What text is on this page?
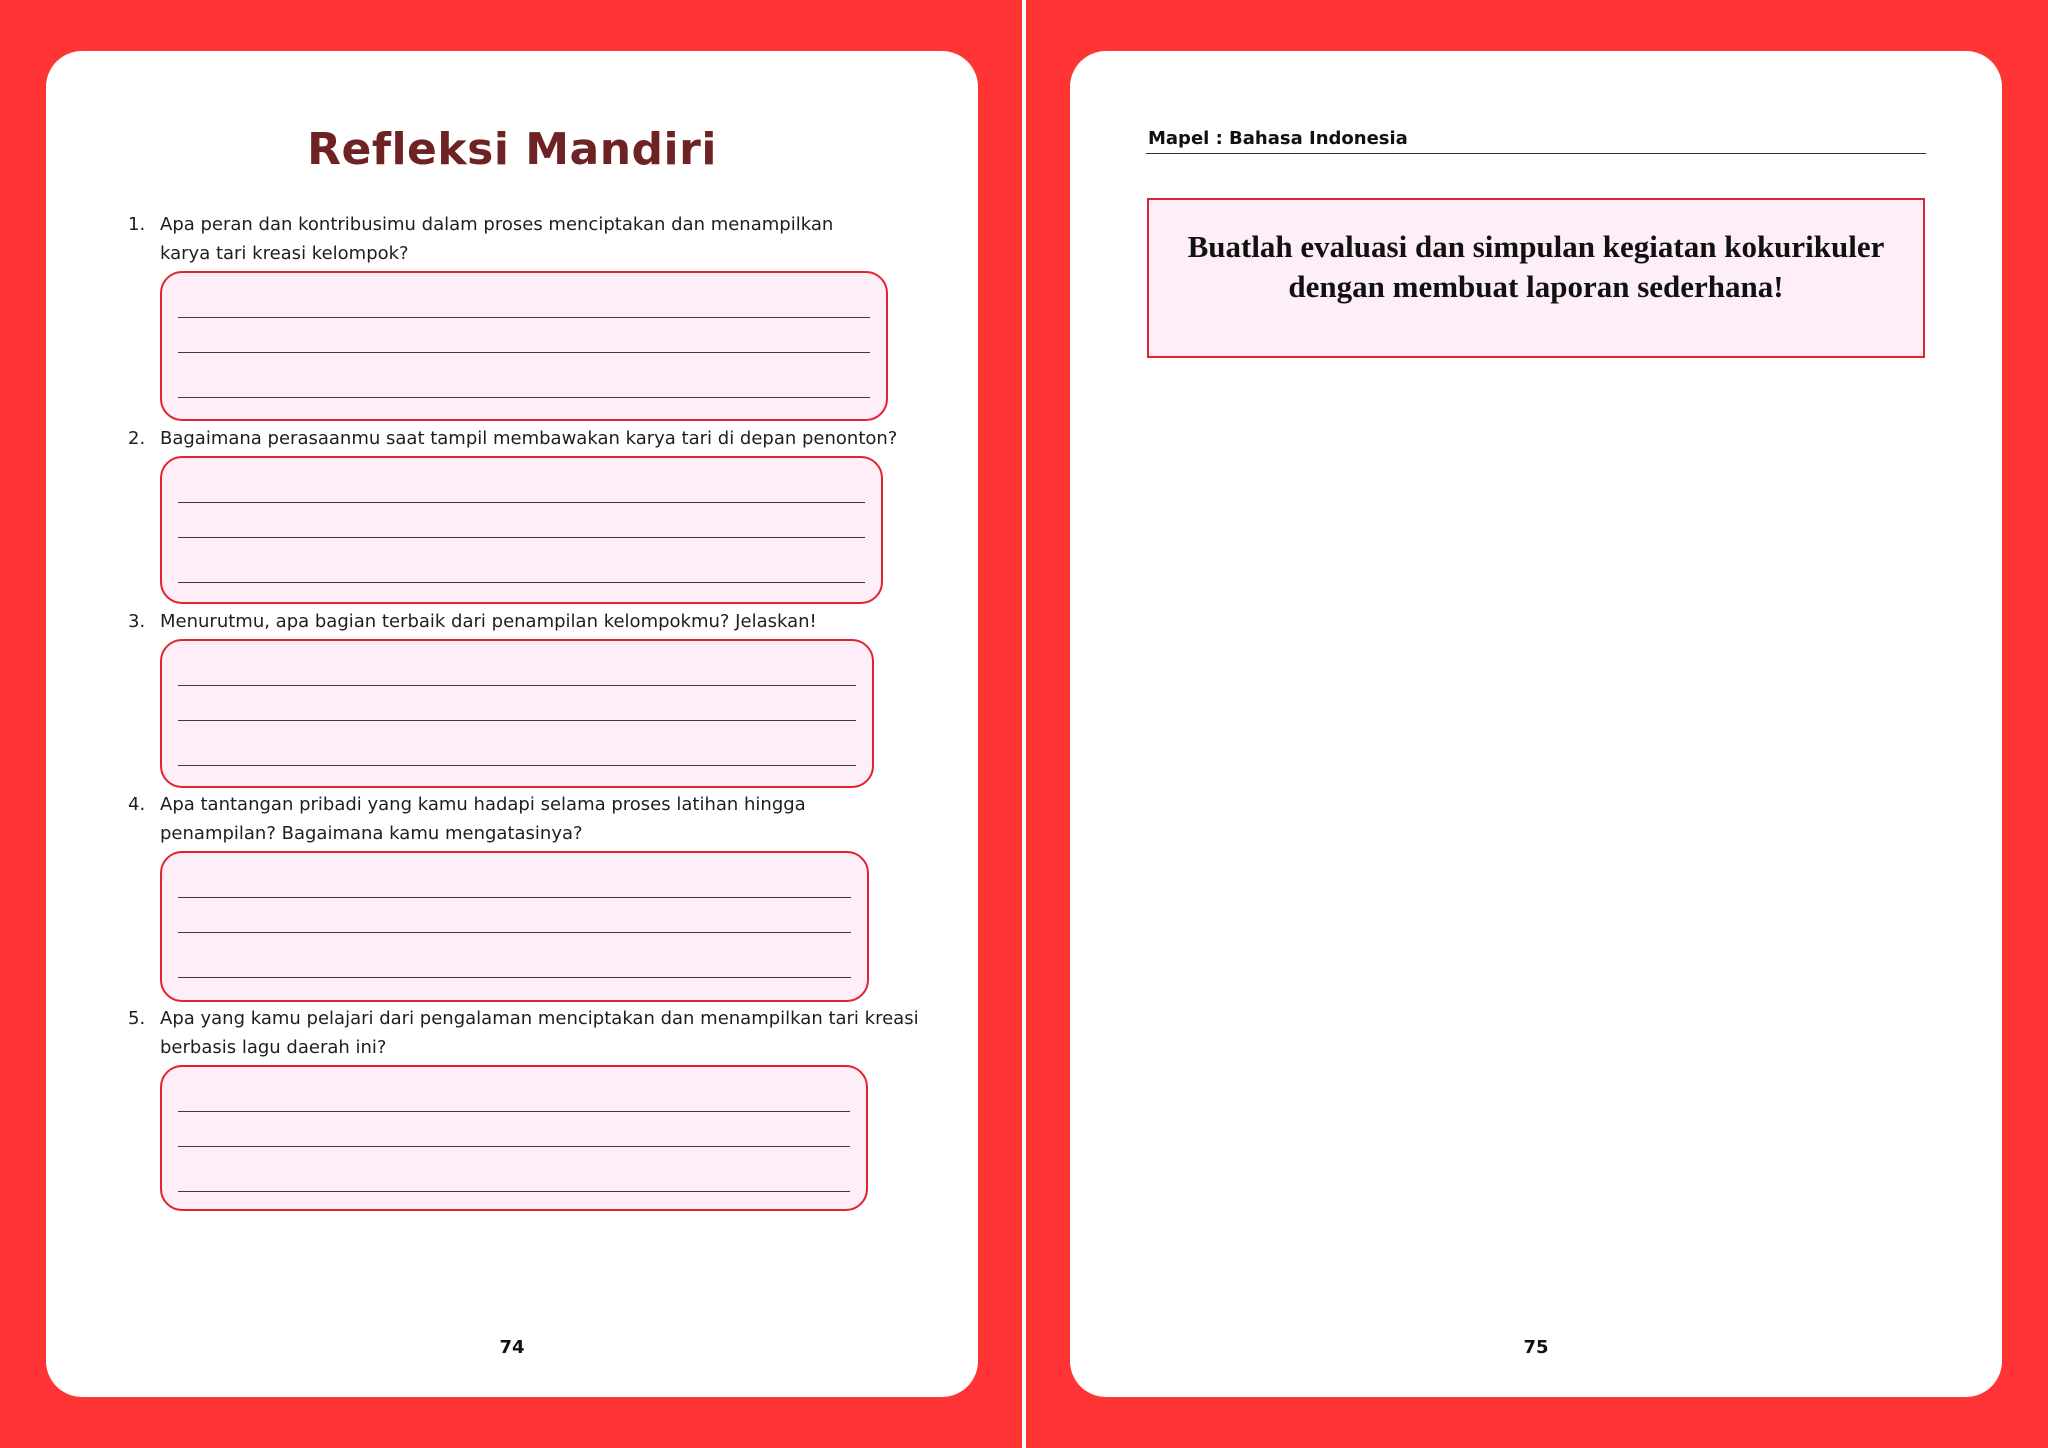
Refleksi Mandiri
1. Apa peran dan kontribusimu dalam proses menciptakan dan menampilkan karya tari kreasi kelompok?
2. Bagaimana perasaanmu saat tampil membawakan karya tari di depan penonton?
3. Menurutmu, apa bagian terbaik dari penampilan kelompokmu? Jelaskan!
4. Apa tantangan pribadi yang kamu hadapi selama proses latihan hingga penampilan? Bagaimana kamu mengatasinya?
5. Apa yang kamu pelajari dari pengalaman menciptakan dan menampilkan tari kreasi berbasis lagu daerah ini?
74
Mapel : Bahasa Indonesia
Buatlah evaluasi dan simpulan kegiatan kokurikuler
dengan membuat laporan sederhana!
75
